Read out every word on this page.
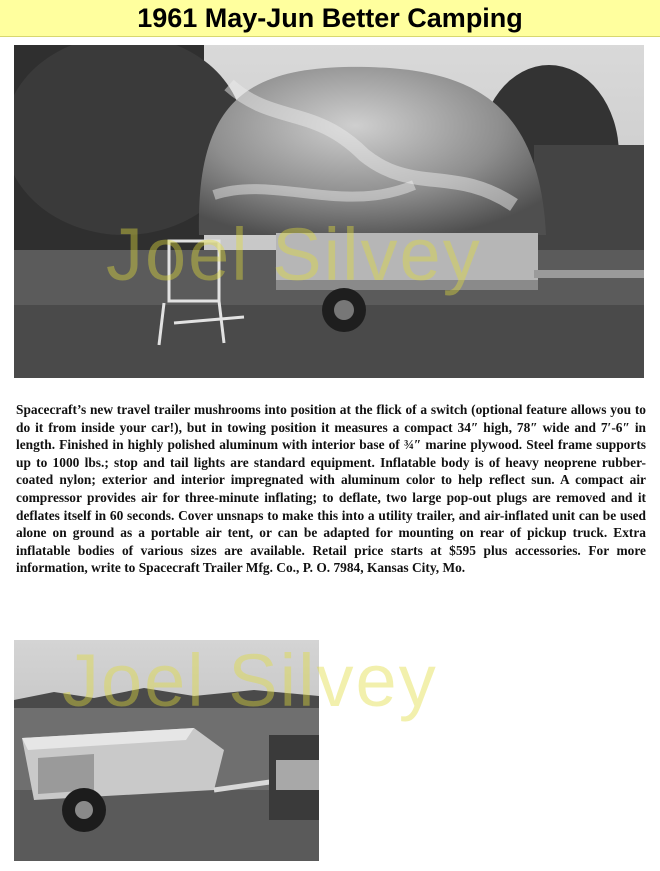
1961 May-Jun Better Camping

Spacecraft’s new travel trailer mushrooms into position at the flick of a switch (optional feature allows you to do it from inside your car!), but in towing position it measures a compact 34″ high, 78″ wide and 7′-6″ in length. Finished in highly polished aluminum with interior base of ¾″ marine plywood. Steel frame supports up to 1000 lbs.; stop and tail lights are standard equipment. Inflatable body is of heavy neoprene rubber-coated nylon; exterior and interior impregnated with aluminum color to help reflect sun. A compact air compressor provides air for three-minute inflating; to deflate, two large pop-out plugs are removed and it deflates itself in 60 seconds. Cover unsnaps to make this into a utility trailer, and air-inflated unit can be used alone on ground as a portable air tent, or can be adapted for mounting on rear of pickup truck. Extra inflatable bodies of various sizes are available. Retail price starts at $595 plus accessories. For more information, write to Spacecraft Trailer Mfg. Co., P. O. 7984, Kansas City, Mo.

Joel Silvey
Joel Silvey
